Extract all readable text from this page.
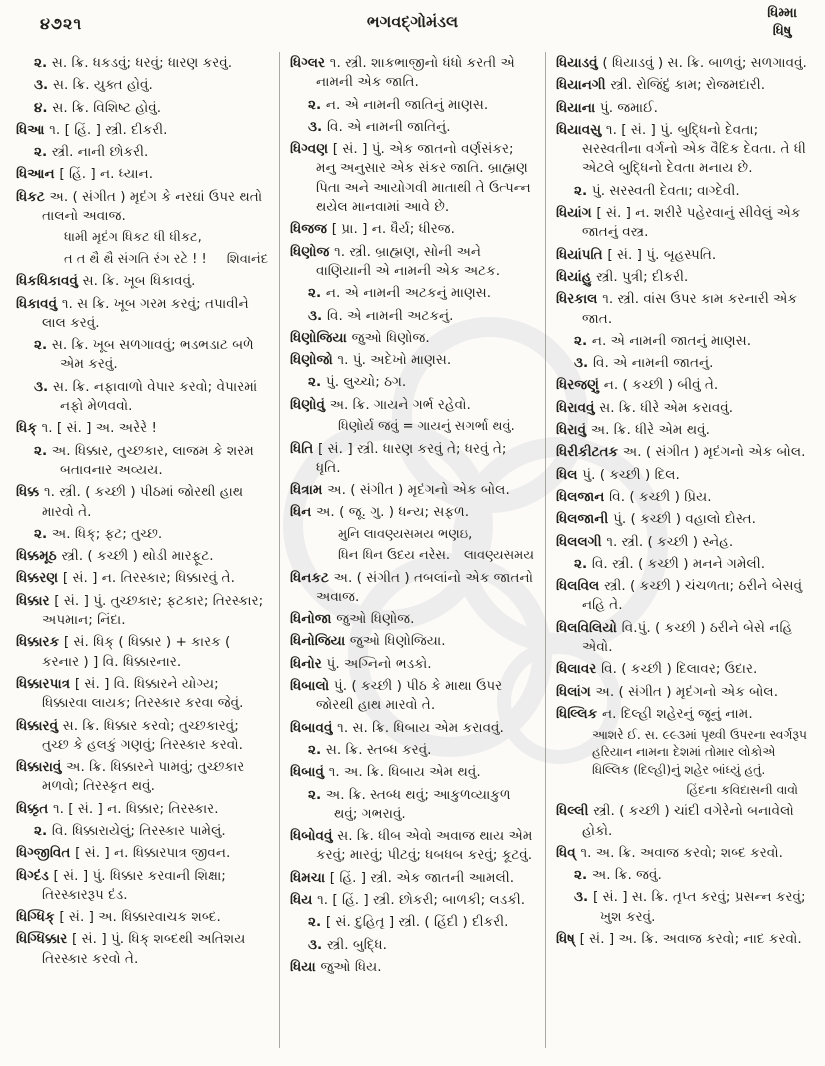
૪૭૨૧	ભગવદ્ગોમંડલ	ધિમ્મા
ધિષુ
૨. સ. ક્રિ. ધકડવું; ધરવું; ધારણ કરવું.
૩. સ. ક્રિ. યુક્ત હોવું.
૪. સ. ક્રિ. વિશિષ્ટ હોવું.
ધિઆ ૧. [ હિં. ] સ્ત્રી. દીકરી.
૨. સ્ત્રી. નાની છોકરી.
ધિઆન [ હિં. ] ન. ધ્યાન.
ધિકટ અ. ( સંગીત ) મૃદંગ કે નરઘાં ઉપર થતો તાલનો અવાજ.
ધામી મૃદંગ ધિકટ ધી ધીકટ,
ત ત થૈ થૈ સંગતિ રંગ રટે ! !	શિવાનંદ
ધિકધિકાવવું સ. ક્રિ. ખૂબ ધિકાવવું.
ધિકાવવું ૧. સ ક્રિ. ખૂબ ગરમ કરવું; તપાવીને લાલ કરવું.
૨. સ. ક્રિ. ખૂબ સળગાવવું; ભડભડાટ બળે એમ કરવું.
૩. સ. ક્રિ. નફાવાળો વેપાર કરવો; વેપારમાં નફો મેળવવો.
ધિક્ ૧. [ સં. ] અ. અરેરે !
૨. અ. ધિક્કાર, તુચ્છકાર, લાજમ કે શરમ બતાવનાર અવ્યય.
ધિક્ક ૧. સ્ત્રી. ( કચ્છી ) પીઠમાં જોરથી હાથ મારવો તે.
૨. અ. ધિક્; ફટ; તુચ્છ.
ધિક્કમૂઠ સ્ત્રી. ( કચ્છી ) થોડી મારફૂટ.
ધિક્કરણ [ સં. ] ન. તિરસ્કાર; ધિક્કારવું તે.
ધિક્કાર [ સં. ] પું. તુચ્છકાર; ફટકાર; તિરસ્કાર; અપમાન; નિંદા.
ધિક્કારક [ સં. ધિક્ ( ધિક્કાર ) + કારક ( કરનાર ) ] વિ. ધિક્કારનાર.
ધિક્કારપાત્ર [ સં. ] વિ. ધિક્કારને યોગ્ય; ધિક્કારવા લાયક; તિરસ્કાર કરવા જેવું.
ધિક્કારવું સ. ક્રિ. ધિક્કાર કરવો; તુચ્છકારવું; તુચ્છ કે હલકું ગણવું; તિરસ્કાર કરવો.
ધિક્કારાવું અ. ક્રિ. ધિક્કારને પામવું; તુચ્છકાર મળવો; તિરસ્કૃત થવું.
ધિક્કૃત ૧. [ સં. ] ન. ધિક્કાર; તિરસ્કાર.
૨. વિ. ધિક્કારાયેલું; તિરસ્કાર પામેલું.
ધિગ્જીવિત [ સં. ] ન. ધિક્કારપાત્ર જીવન.
ધિગ્દંડ [ સં. ] પું. ધિક્કાર કરવાની શિક્ષા; તિરસ્કારરૂપ દંડ.
ધિગ્ધિક્ [ સં. ] અ. ધિક્કારવાચક શબ્દ.
ધિગ્ધિક્કાર [ સં. ] પું. ધિક્ શબ્દથી અતિશય તિરસ્કાર કરવો તે.
ધિગ્લર ૧. સ્ત્રી. શાકભાજીનો ધંધો કરતી એ નામની એક જાતિ.
૨. ન. એ નામની જાતિનું માણસ.
૩. વિ. એ નામની જાતિનું.
ધિગ્વણ [ સં. ] પું. એક જાતનો વર્ણસંકર; મનુ અનુસાર એક સંકર જાતિ. બ્રાહ્મણ પિતા અને આયોગવી માતાથી તે ઉત્પન્ન થયેલ માનવામાં આવે છે.
ધિજજ [ પ્રા. ] ન. ધૈર્ય; ધીરજ.
ધિણોજ ૧. સ્ત્રી. બ્રાહ્મણ, સોની અને વાણિયાની એ નામની એક અટક.
૨. ન. એ નામની અટકનું માણસ.
૩. વિ. એ નામની અટકનું.
ધિણોજિયા જુઓ ધિણોજ.
ધિણોજો ૧. પું. અદેખો માણસ.
૨. પું. લુચ્ચો; ઠગ.
ધિણોવું અ. ક્રિ. ગાયને ગર્ભ રહેવો.
ધિણોર્ય જવું = ગાયનું સગર્ભા થવું.
ધિતિ [ સં. ] સ્ત્રી. ધારણ કરવું તે; ધરવું તે; ધૃતિ.
ધિત્રામ અ. ( સંગીત ) મૃદંગનો એક બોલ.
ધિન અ. ( જૂ. ગુ. ) ધન્ય; સફળ.
મુનિ લાવણ્યસમય ભણઇ,
ધિન ધિન ઉદય નરેસ.	લાવણ્યસમય
ધિનકટ અ. ( સંગીત ) તબલાંનો એક જાતનો અવાજ.
ધિનોજા જુઓ ધિણોજ.
ધિનોજિયા જુઓ ધિણોજિયા.
ધિનોર પું. અગ્નિનો ભડકો.
ધિબાલો પું. ( કચ્છી ) પીઠ કે માથા ઉપર જોરથી હાથ મારવો તે.
ધિબાવવું ૧. સ. ક્રિ. ધિબાય એમ કરાવવું.
૨. સ. ક્રિ. સ્તબ્ધ કરવું.
ધિબાવું ૧. અ. ક્રિ. ધિબાય એમ થવું.
૨. અ. ક્રિ. સ્તબ્ધ થવું; આકુળવ્યાકુળ થવું; ગભરાવું.
ધિબોવવું સ. ક્રિ. ધીબ એવો અવાજ થાય એમ કરવું; મારવું; પીટવું; ધબધબ કરવું; કૂટવું.
ધિમચા [ હિં. ] સ્ત્રી. એક જાતની આમલી.
ધિય ૧. [ હિં. ] સ્ત્રી. છોકરી; બાળકી; લડકી.
૨. [ સં. દુહિતૃ ] સ્ત્રી. ( હિંદી ) દીકરી.
૩. સ્ત્રી. બુદ્ધિ.
ધિયા જુઓ ધિય.
ધિયાડવું ( ધિયાડવું ) સ. ક્રિ. બાળવું; સળગાવવું.
ધિયાનગી સ્ત્રી. રોજિંદું કામ; રોજમદારી.
ધિયાના પું. જમાઈ.
ધિયાવસુ ૧. [ સં. ] પું. બુદ્ધિનો દેવતા; સરસ્વતીના વર્ગનો એક વૈદિક દેવતા. તે ધી એટલે બુદ્ધિનો દેવતા મનાય છે.
૨. પું. સરસ્વતી દેવતા; વાગ્દેવી.
ધિયાંગ [ સં. ] ન. શરીરે પહેરવાનું સીવેલું એક જાતનું વસ્ત્ર.
ધિયાંપતિ [ સં. ] પું. બૃહસ્પતિ.
ધિયાંહુ સ્ત્રી. પુત્રી; દીકરી.
ધિરકાલ ૧. સ્ત્રી. વાંસ ઉપર કામ કરનારી એક જાત.
૨. ન. એ નામની જાતનું માણસ.
૩. વિ. એ નામની જાતનું.
ધિરજણું ન. ( કચ્છી ) બીવું તે.
ધિરાવવું સ. ક્રિ. ધીરે એમ કરાવવું.
ધિરાવું અ. ક્રિ. ધીરે એમ થવું.
ધિરીકીટતક અ. ( સંગીત ) મૃદંગનો એક બોલ.
ધિલ પું. ( કચ્છી ) દિલ.
ધિલજાન વિ. ( કચ્છી ) પ્રિય.
ધિલજાની પું. ( કચ્છી ) વહાલો દોસ્ત.
ધિલલગી ૧. સ્ત્રી. ( કચ્છી ) સ્નેહ.
૨. વિ. સ્ત્રી. ( કચ્છી ) મનને ગમેલી.
ધિલવિલ સ્ત્રી. ( કચ્છી ) ચંચળતા; ઠરીને બેસવું નહિ તે.
ધિલવિલિયો વિ.પું. ( કચ્છી ) ઠરીને બેસે નહિ એવો.
ધિલાવર વિ. ( કચ્છી ) દિલાવર; ઉદાર.
ધિલાંગ અ. ( સંગીત ) મૃદંગનો એક બોલ.
ધિલ્લિક ન. દિલ્હી શહેરનું જૂનું નામ.
આશરે ઈ. સ. ૯૯૩માં પૃથ્વી ઉપરના સ્વર્ગરૂપ હરિયાન નામના દેશમાં તોમાર લોકોએ ધિલ્લિક (દિલ્હી)નું શહેર બાંધ્યું હતું.
હિંદના કવિદાસની વાવો
ધિલ્લી સ્ત્રી. ( કચ્છી ) ચાંદી વગેરેનો બનાવેલો હોકો.
ધિવ્ ૧. અ. ક્રિ. અવાજ કરવો; શબ્દ કરવો.
૨. અ. ક્રિ. જવું.
૩. [ સં. ] સ. ક્રિ. તૃપ્ત કરવું; પ્રસન્ન કરવું; ખુશ કરવું.
ધિષ્ [ સં. ] અ. ક્રિ. અવાજ કરવો; નાદ કરવો.
